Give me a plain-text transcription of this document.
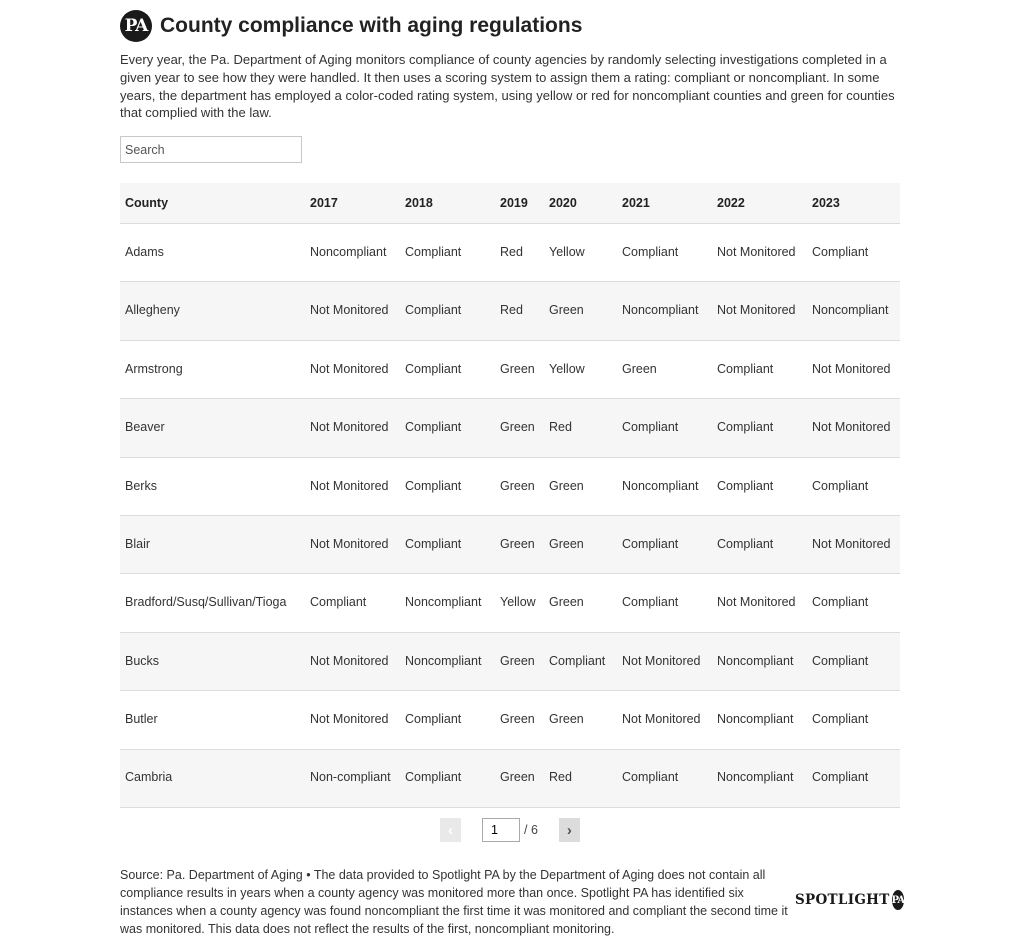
PA County compliance with aging regulations

Every year, the Pa. Department of Aging monitors compliance of county agencies by randomly selecting investigations completed in a given year to see how they were handled. It then uses a scoring system to assign them a rating: compliant or noncompliant. In some years, the department has employed a color-coded rating system, using yellow or red for noncompliant counties and green for counties that complied with the law.

Search
County	2017	2018	2019	2020	2021	2022	2023
Adams	Noncompliant	Compliant	Red	Yellow	Compliant	Not Monitored	Compliant
Allegheny	Not Monitored	Compliant	Red	Green	Noncompliant	Not Monitored	Noncompliant
Armstrong	Not Monitored	Compliant	Green	Yellow	Green	Compliant	Not Monitored
Beaver	Not Monitored	Compliant	Green	Red	Compliant	Compliant	Not Monitored
Berks	Not Monitored	Compliant	Green	Green	Noncompliant	Compliant	Compliant
Blair	Not Monitored	Compliant	Green	Green	Compliant	Compliant	Not Monitored
Bradford/Susq/Sullivan/Tioga	Compliant	Noncompliant	Yellow	Green	Compliant	Not Monitored	Compliant
Bucks	Not Monitored	Noncompliant	Green	Compliant	Not Monitored	Noncompliant	Compliant
Butler	Not Monitored	Compliant	Green	Green	Not Monitored	Noncompliant	Compliant
Cambria	Non-compliant	Compliant	Green	Red	Compliant	Noncompliant	Compliant
‹
1	/ 6	›

Source: Pa. Department of Aging • The data provided to Spotlight PA by the Department of Aging does not contain all compliance results in years when a county agency was monitored more than once. Spotlight PA has identified six instances when a county agency was found noncompliant the first time it was monitored and compliant the second time it was monitored. This data does not reflect the results of the first, noncompliant monitoring.

SPOTLIGHT PA
